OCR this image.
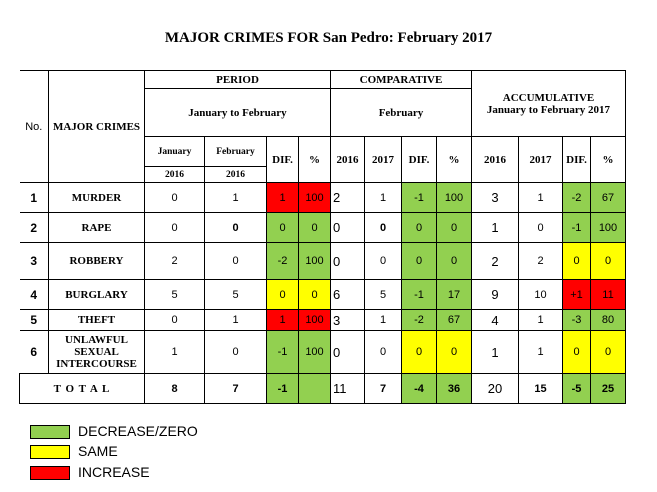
MAJOR CRIMES FOR San Pedro: February 2017
No.	MAJOR CRIMES	PERIOD				COMPARATIVE				ACCUMULATIVE
January to February 2017			

		January to February				February							
		January	February	DIF.	%	2016	2017	DIF.	%	2016	2017	DIF.	%
		2016	2016										
1	MURDER	0	1	1	100	2	1	-1	100	3	1	-2	67
2	RAPE	0	0	0	0	0	0	0	0	1	0	-1	100
3	ROBBERY	2	0	-2	100	0	0	0	0	2	2	0	0
4	BURGLARY	5	5	0	0	6	5	-1	17	9	10	+1	11
5	THEFT	0	1	1	100	3	1	-2	67	4	1	-3	80
6	UNLAWFUL SEXUAL INTERCOURSE	1	0	-1	100	0	0	0	0	1	1	0	0
T O T A L		8	7	-1		11	7	-4	36	20	15	-5	25
DECREASE/ZERO
SAME
INCREASE
